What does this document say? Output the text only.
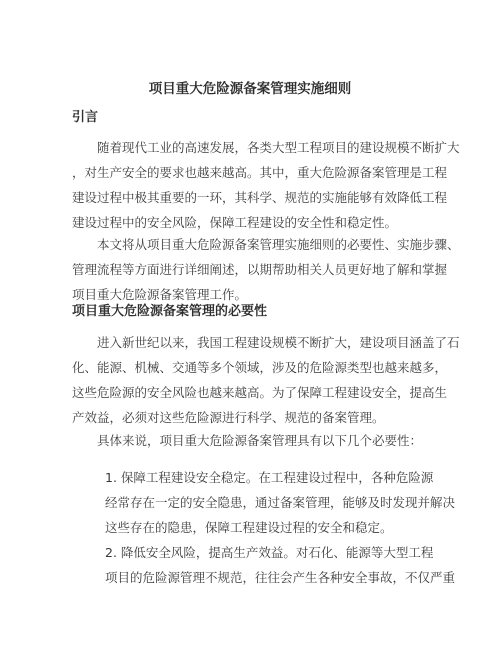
项目重大危险源备案管理实施细则
引言
　　随着现代工业的高速发展，各类大型工程项目的建设规模不断扩大
，对生产安全的要求也越来越高。其中，重大危险源备案管理是工程
建设过程中极其重要的一环，其科学、规范的实施能够有效降低工程
建设过程中的安全风险，保障工程建设的安全性和稳定性。
　　本文将从项目重大危险源备案管理实施细则的必要性、实施步骤、
管理流程等方面进行详细阐述，以期帮助相关人员更好地了解和掌握
项目重大危险源备案管理工作。
项目重大危险源备案管理的必要性
　　进入新世纪以来，我国工程建设规模不断扩大，建设项目涵盖了石
化、能源、机械、交通等多个领域，涉及的危险源类型也越来越多，
这些危险源的安全风险也越来越高。为了保障工程建设安全，提高生
产效益，必须对这些危险源进行科学、规范的备案管理。
　　具体来说，项目重大危险源备案管理具有以下几个必要性：
1. 保障工程建设安全稳定。在工程建设过程中，各种危险源
经常存在一定的安全隐患，通过备案管理，能够及时发现并解决
这些存在的隐患，保障工程建设过程的安全和稳定。
2. 降低安全风险，提高生产效益。对石化、能源等大型工程
项目的危险源管理不规范，往往会产生各种安全事故，不仅严重
